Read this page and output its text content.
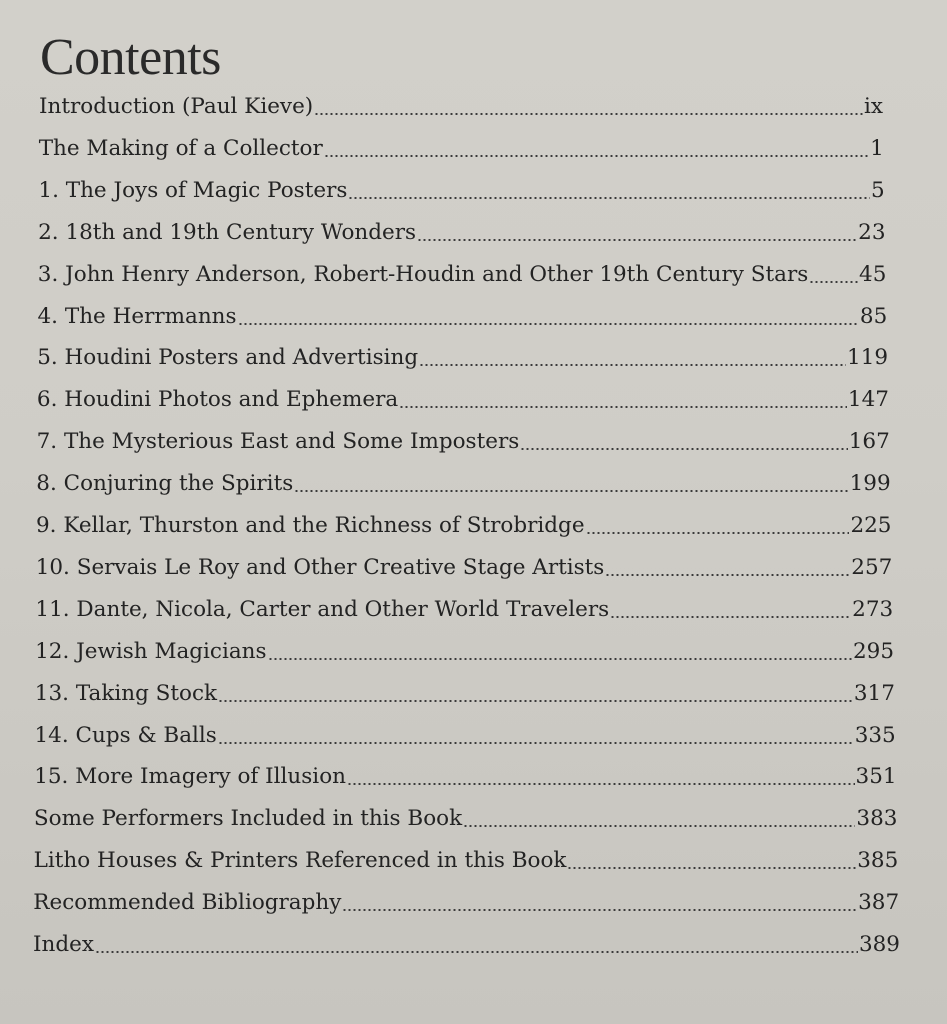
Contents
Introduction (Paul Kieve)	ix
The Making of a Collector	1
1. The Joys of Magic Posters	5
2. 18th and 19th Century Wonders	23
3. John Henry Anderson, Robert-Houdin and Other 19th Century Stars 45
4. The Herrmanns	85
5. Houdini Posters and Advertising	119
6. Houdini Photos and Ephemera	147
7. The Mysterious East and Some Imposters	167
8. Conjuring the Spirits	199
9. Kellar, Thurston and the Richness of Strobridge	225
10. Servais Le Roy and Other Creative Stage Artists	257
11. Dante, Nicola, Carter and Other World Travelers	273
12. Jewish Magicians	295
13. Taking Stock	317
14. Cups & Balls	335
15. More Imagery of Illusion	351
Some Performers Included in this Book	383
Litho Houses & Printers Referenced in this Book	385
Recommended Bibliography	387
Index	389
